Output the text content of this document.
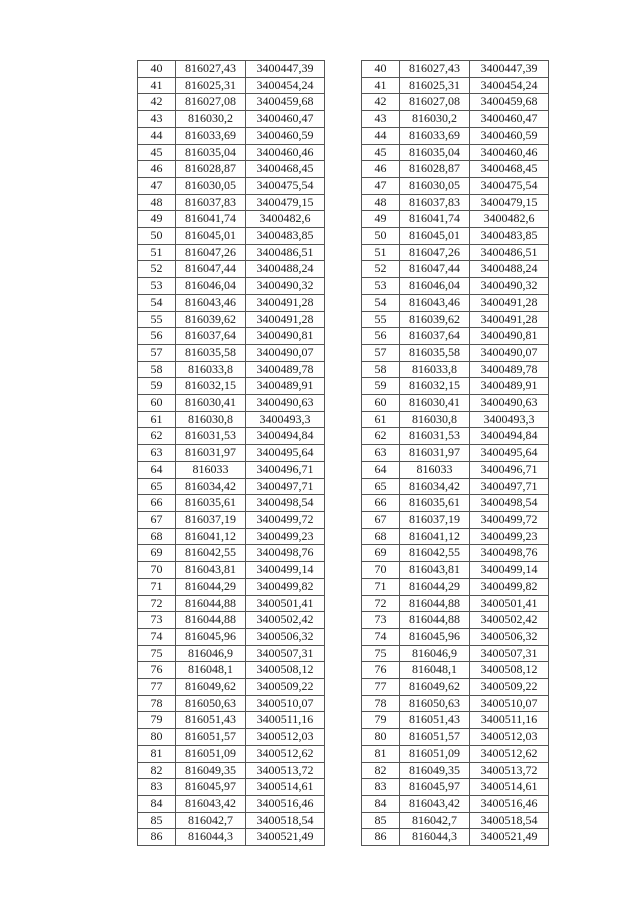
40	816027,43	3400447,39
41	816025,31	3400454,24
42	816027,08	3400459,68
43	816030,2	3400460,47
44	816033,69	3400460,59
45	816035,04	3400460,46
46	816028,87	3400468,45
47	816030,05	3400475,54
48	816037,83	3400479,15
49	816041,74	3400482,6
50	816045,01	3400483,85
51	816047,26	3400486,51
52	816047,44	3400488,24
53	816046,04	3400490,32
54	816043,46	3400491,28
55	816039,62	3400491,28
56	816037,64	3400490,81
57	816035,58	3400490,07
58	816033,8	3400489,78
59	816032,15	3400489,91
60	816030,41	3400490,63
61	816030,8	3400493,3
62	816031,53	3400494,84
63	816031,97	3400495,64
64	816033	3400496,71
65	816034,42	3400497,71
66	816035,61	3400498,54
67	816037,19	3400499,72
68	816041,12	3400499,23
69	816042,55	3400498,76
70	816043,81	3400499,14
71	816044,29	3400499,82
72	816044,88	3400501,41
73	816044,88	3400502,42
74	816045,96	3400506,32
75	816046,9	3400507,31
76	816048,1	3400508,12
77	816049,62	3400509,22
78	816050,63	3400510,07
79	816051,43	3400511,16
80	816051,57	3400512,03
81	816051,09	3400512,62
82	816049,35	3400513,72
83	816045,97	3400514,61
84	816043,42	3400516,46
85	816042,7	3400518,54
86	816044,3	3400521,49
40	816027,43	3400447,39
41	816025,31	3400454,24
42	816027,08	3400459,68
43	816030,2	3400460,47
44	816033,69	3400460,59
45	816035,04	3400460,46
46	816028,87	3400468,45
47	816030,05	3400475,54
48	816037,83	3400479,15
49	816041,74	3400482,6
50	816045,01	3400483,85
51	816047,26	3400486,51
52	816047,44	3400488,24
53	816046,04	3400490,32
54	816043,46	3400491,28
55	816039,62	3400491,28
56	816037,64	3400490,81
57	816035,58	3400490,07
58	816033,8	3400489,78
59	816032,15	3400489,91
60	816030,41	3400490,63
61	816030,8	3400493,3
62	816031,53	3400494,84
63	816031,97	3400495,64
64	816033	3400496,71
65	816034,42	3400497,71
66	816035,61	3400498,54
67	816037,19	3400499,72
68	816041,12	3400499,23
69	816042,55	3400498,76
70	816043,81	3400499,14
71	816044,29	3400499,82
72	816044,88	3400501,41
73	816044,88	3400502,42
74	816045,96	3400506,32
75	816046,9	3400507,31
76	816048,1	3400508,12
77	816049,62	3400509,22
78	816050,63	3400510,07
79	816051,43	3400511,16
80	816051,57	3400512,03
81	816051,09	3400512,62
82	816049,35	3400513,72
83	816045,97	3400514,61
84	816043,42	3400516,46
85	816042,7	3400518,54
86	816044,3	3400521,49
